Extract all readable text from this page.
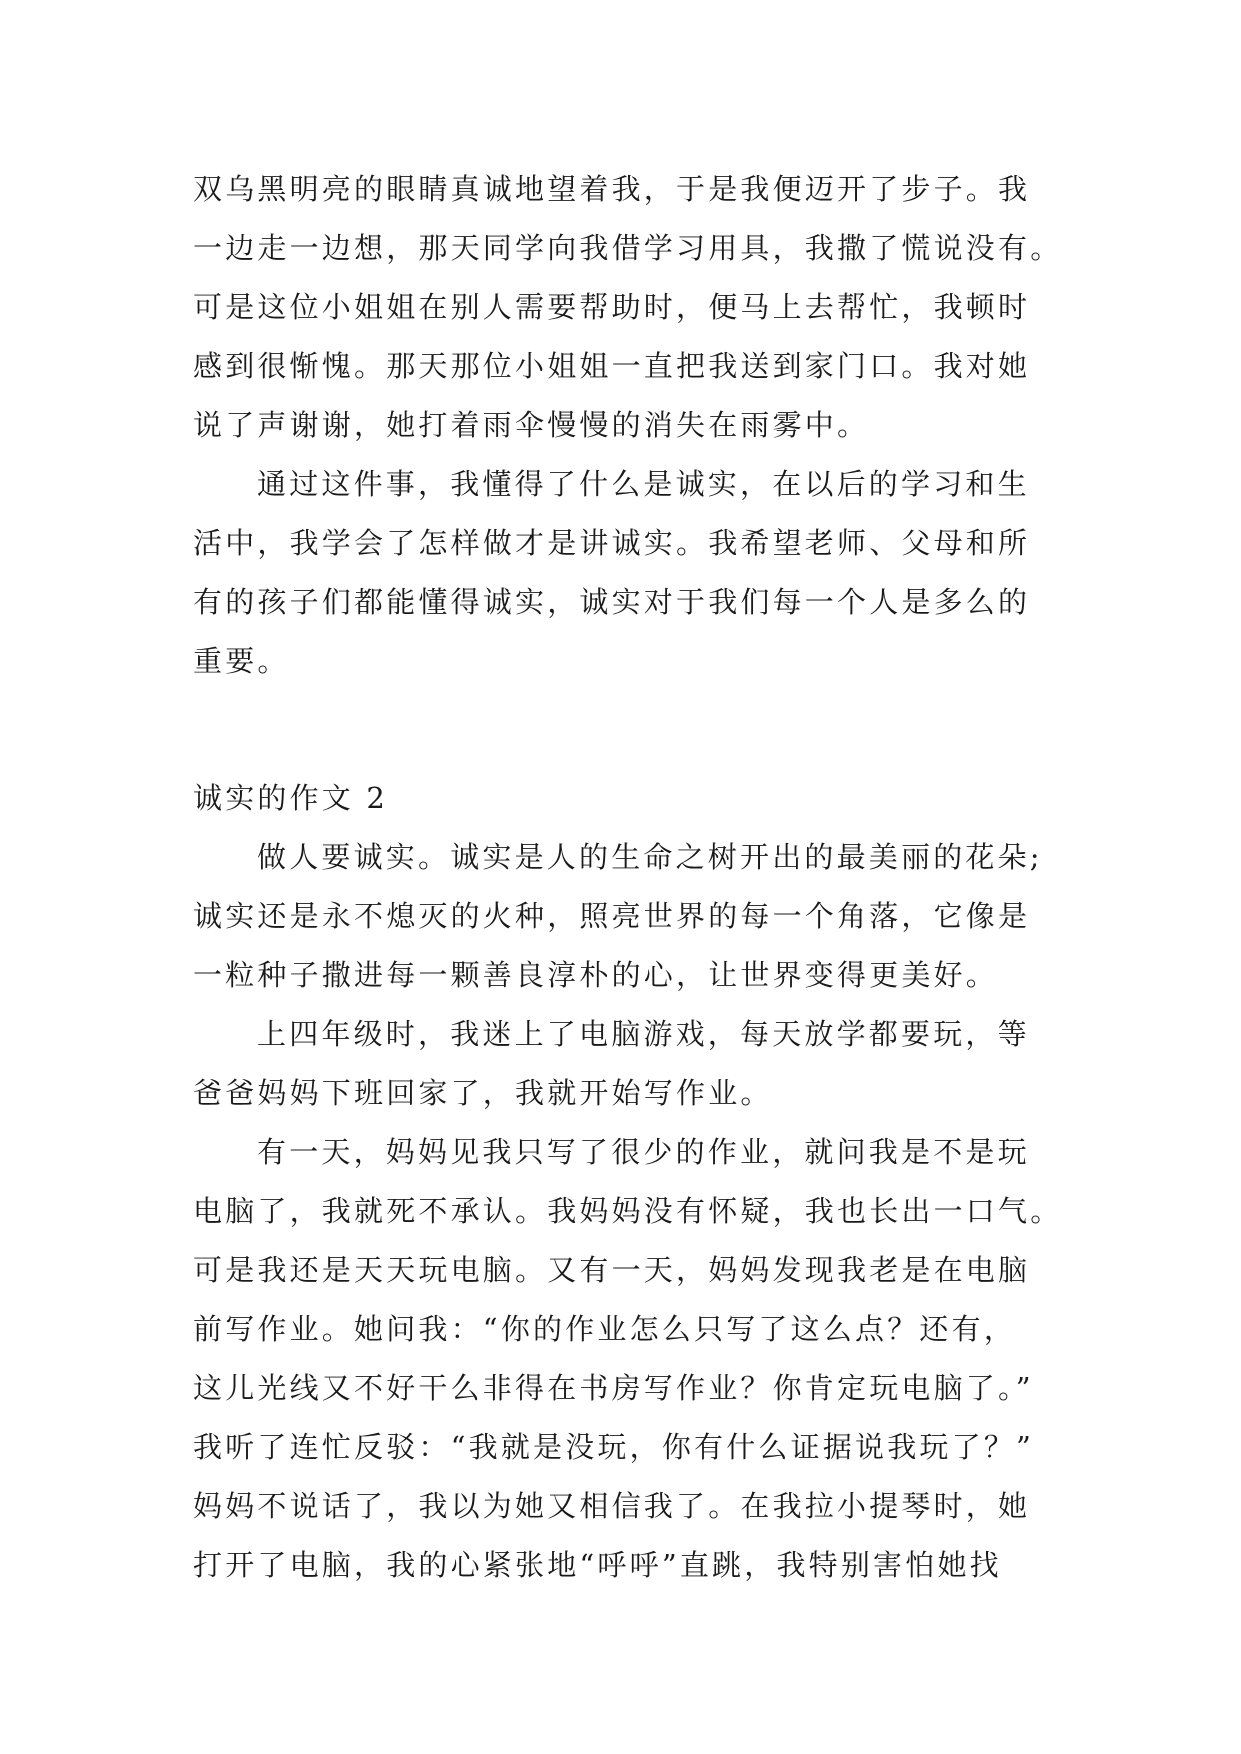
双乌黑明亮的眼睛真诚地望着我，于是我便迈开了步子。我
一边走一边想，那天同学向我借学习用具，我撒了慌说没有。
可是这位小姐姐在别人需要帮助时，便马上去帮忙，我顿时
感到很惭愧。那天那位小姐姐一直把我送到家门口。我对她
说了声谢谢，她打着雨伞慢慢的消失在雨雾中。
通过这件事，我懂得了什么是诚实，在以后的学习和生
活中，我学会了怎样做才是讲诚实。我希望老师、父母和所
有的孩子们都能懂得诚实，诚实对于我们每一个人是多么的
重要。
诚实的作文 2
做人要诚实。诚实是人的生命之树开出的最美丽的花朵;
诚实还是永不熄灭的火种，照亮世界的每一个角落，它像是
一粒种子撒进每一颗善良淳朴的心，让世界变得更美好。
上四年级时，我迷上了电脑游戏，每天放学都要玩，等
爸爸妈妈下班回家了，我就开始写作业。
有一天，妈妈见我只写了很少的作业，就问我是不是玩
电脑了，我就死不承认。我妈妈没有怀疑，我也长出一口气。
可是我还是天天玩电脑。又有一天，妈妈发现我老是在电脑
前写作业。她问我：“你的作业怎么只写了这么点？还有，
这儿光线又不好干么非得在书房写作业？你肯定玩电脑了。”
我听了连忙反驳：“我就是没玩，你有什么证据说我玩了？”
妈妈不说话了，我以为她又相信我了。在我拉小提琴时，她
打开了电脑，我的心紧张地“呼呼”直跳，我特别害怕她找
